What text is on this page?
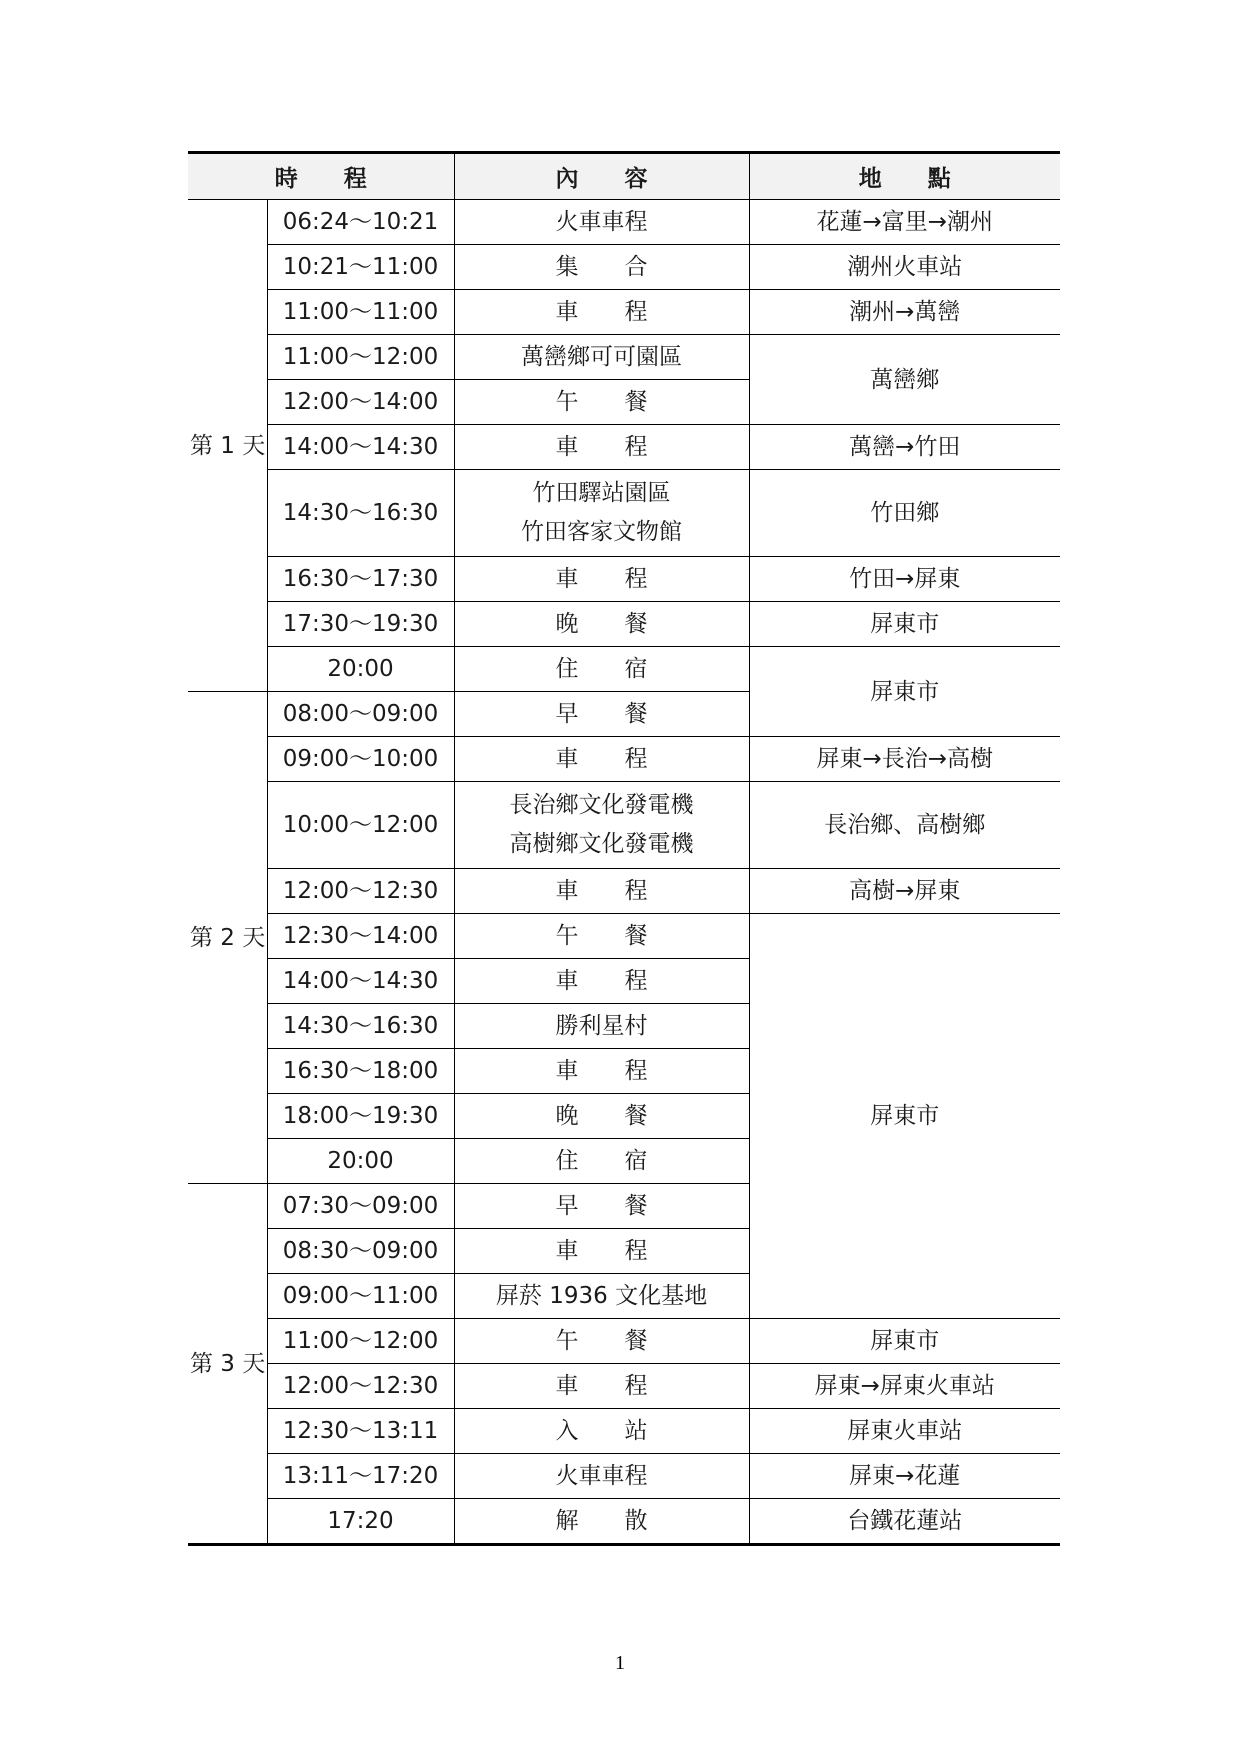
時　　程		內　　容	地　　點
第 1 天	06:24～10:21	火車車程	花蓮→富里→潮州
	10:21～11:00	集　　合	潮州火車站
	11:00～11:00	車　　程	潮州→萬巒
	11:00～12:00	萬巒鄉可可園區	萬巒鄉
	12:00～14:00	午　　餐	
	14:00～14:30	車　　程	萬巒→竹田
	14:30～16:30	竹田驛站園區
竹田客家文物館	竹田鄉
	16:30～17:30	車　　程	竹田→屏東
	17:30～19:30	晚　　餐	屏東市
	20:00	住　　宿	屏東市
第 2 天	08:00～09:00	早　　餐	
	09:00～10:00	車　　程	屏東→長治→高樹
	10:00～12:00	長治鄉文化發電機
高樹鄉文化發電機	長治鄉、高樹鄉
	12:00～12:30	車　　程	高樹→屏東
	12:30～14:00	午　　餐	屏東市
	14:00～14:30	車　　程	
	14:30～16:30	勝利星村	
	16:30～18:00	車　　程	
	18:00～19:30	晚　　餐	
	20:00	住　　宿	
第 3 天	07:30～09:00	早　　餐	
	08:30～09:00	車　　程	
	09:00～11:00	屏菸 1936 文化基地	
	11:00～12:00	午　　餐	屏東市
	12:00～12:30	車　　程	屏東→屏東火車站
	12:30～13:11	入　　站	屏東火車站
	13:11～17:20	火車車程	屏東→花蓮
	17:20	解　　散	台鐵花蓮站
1
